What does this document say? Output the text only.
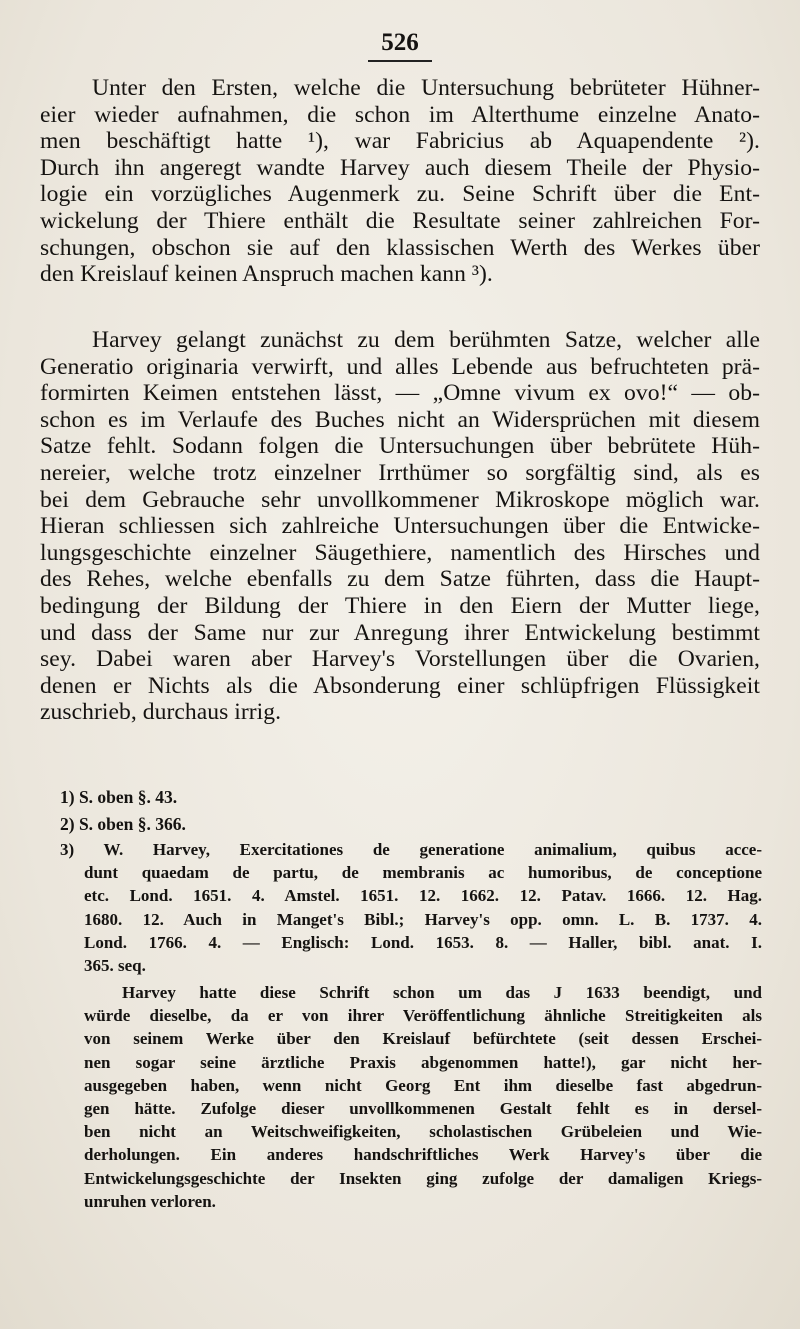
526
Unter den Ersten, welche die Untersuchung bebrüteter Hühner-
eier wieder aufnahmen, die schon im Alterthume einzelne Anato-
men beschäftigt hatte ¹), war Fabricius ab Aquapendente ²).
Durch ihn angeregt wandte Harvey auch diesem Theile der Physio-
logie ein vorzügliches Augenmerk zu. Seine Schrift über die Ent-
wickelung der Thiere enthält die Resultate seiner zahlreichen For-
schungen, obschon sie auf den klassischen Werth des Werkes über
den Kreislauf keinen Anspruch machen kann ³).
Harvey gelangt zunächst zu dem berühmten Satze, welcher alle
Generatio originaria verwirft, und alles Lebende aus befruchteten prä-
formirten Keimen entstehen lässt, — „Omne vivum ex ovo!“ — ob-
schon es im Verlaufe des Buches nicht an Widersprüchen mit diesem
Satze fehlt. Sodann folgen die Untersuchungen über bebrütete Hüh-
nereier, welche trotz einzelner Irrthümer so sorgfältig sind, als es
bei dem Gebrauche sehr unvollkommener Mikroskope möglich war.
Hieran schliessen sich zahlreiche Untersuchungen über die Entwicke-
lungsgeschichte einzelner Säugethiere, namentlich des Hirsches und
des Rehes, welche ebenfalls zu dem Satze führten, dass die Haupt-
bedingung der Bildung der Thiere in den Eiern der Mutter liege,
und dass der Same nur zur Anregung ihrer Entwickelung bestimmt
sey. Dabei waren aber Harvey's Vorstellungen über die Ovarien,
denen er Nichts als die Absonderung einer schlüpfrigen Flüssigkeit
zuschrieb, durchaus irrig.
1) S. oben §. 43.
2) S. oben §. 366.
3) W. Harvey, Exercitationes de generatione animalium, quibus acce-
dunt quaedam de partu, de membranis ac humoribus, de conceptione
etc. Lond. 1651. 4. Amstel. 1651. 12. 1662. 12. Patav. 1666. 12. Hag.
1680. 12. Auch in Manget's Bibl.; Harvey's opp. omn. L. B. 1737. 4.
Lond. 1766. 4. — Englisch: Lond. 1653. 8. — Haller, bibl. anat. I.
365. seq.
Harvey hatte diese Schrift schon um das J 1633 beendigt, und
würde dieselbe, da er von ihrer Veröffentlichung ähnliche Streitigkeiten als
von seinem Werke über den Kreislauf befürchtete (seit dessen Erschei-
nen sogar seine ärztliche Praxis abgenommen hatte!), gar nicht her-
ausgegeben haben, wenn nicht Georg Ent ihm dieselbe fast abgedrun-
gen hätte. Zufolge dieser unvollkommenen Gestalt fehlt es in dersel-
ben nicht an Weitschweifigkeiten, scholastischen Grübeleien und Wie-
derholungen. Ein anderes handschriftliches Werk Harvey's über die
Entwickelungsgeschichte der Insekten ging zufolge der damaligen Kriegs-
unruhen verloren.
